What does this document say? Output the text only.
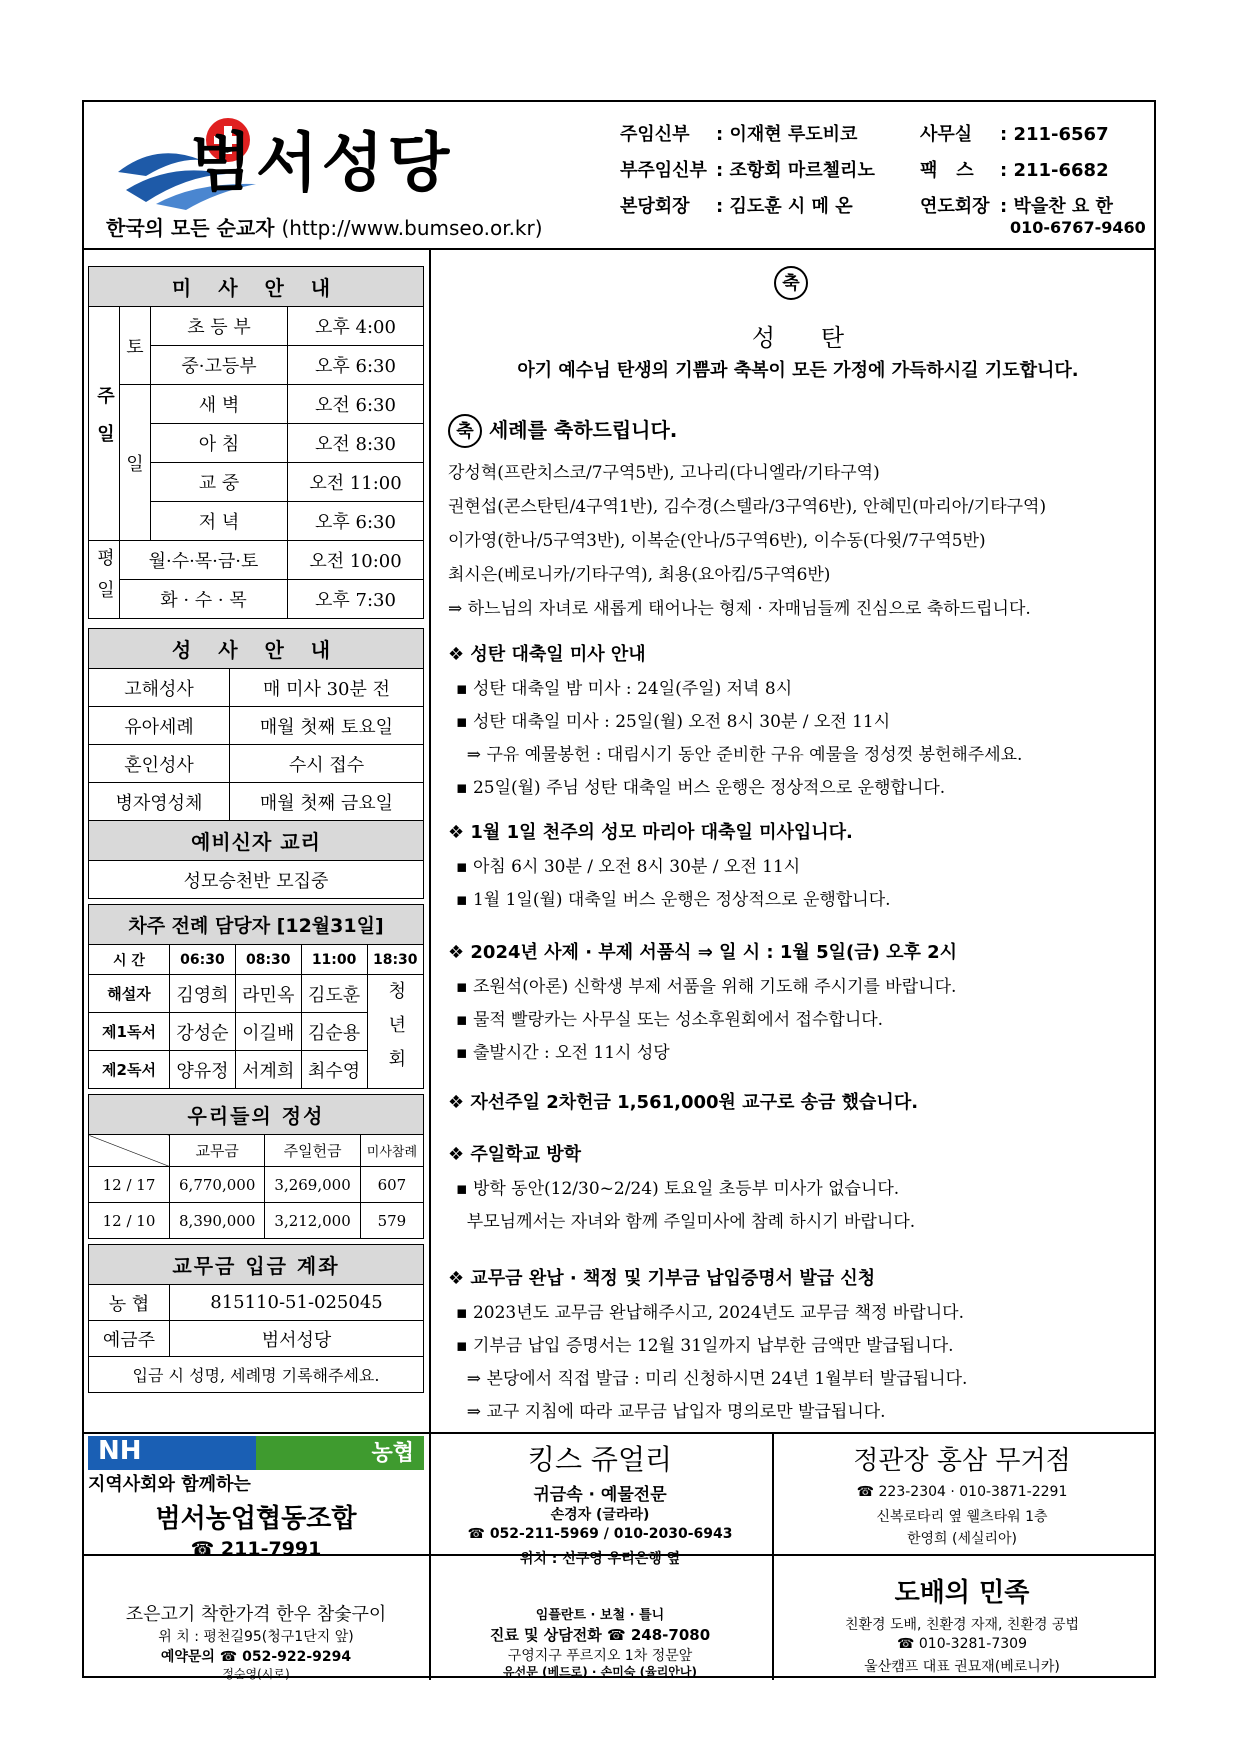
범서성당
한국의 모든 순교자 (http://www.bumseo.or.kr)
주임신부 : 이재현 루도비코
부주임신부 : 조항회 마르첼리노
본당회장 : 김도훈 시 메 온
사무실 : 211-6567
팩   스 : 211-6682
연도회장 : 박을찬 요 한
010-6767-9460
미 사 안 내			

주일	토	초 등 부	오후 4:00
		중·고등부	오후 6:30
	일	새 벽	오전 6:30
		아 침	오전 8:30
		교 중	오전 11:00
		저 녁	오후 6:30

평일	월·수·목·금·토		오전 10:00
	화 · 수 · 목		오후 7:30
성 사 안 내	
고해성사	매 미사 30분 전
유아세례	매월 첫째 토요일
혼인성사	수시 접수
병자영성체	매월 첫째 금요일
예비신자 교리	
성모승천반 모집중	
차주 전례 담당자 [12월31일]				
시 간	06:30	08:30	11:00	18:30
해설자	김영희	라민옥	김도훈	청년회

제1독서	강성순	이길배	김순용	
제2독서	양유정	서계희	최수영	
우리들의 정성			
	교무금	주일헌금	미사참례
12 / 17	6,770,000	3,269,000	607
12 / 10	8,390,000	3,212,000	579
교무금 입금 계좌	
농 협	815110-51-025045
예금주	범서성당
입금 시 성명, 세례명 기록해주세요.	
축
성      탄
아기 예수님 탄생의 기쁨과 축복이 모든 가정에 가득하시길 기도합니다.
축 세례를 축하드립니다.
강성혁(프란치스코/7구역5반), 고나리(다니엘라/기타구역)
권현섭(콘스탄틴/4구역1반), 김수경(스텔라/3구역6반), 안혜민(마리아/기타구역)
이가영(한나/5구역3반), 이복순(안나/5구역6반), 이수동(다윗/7구역5반)
최시은(베로니카/기타구역), 최용(요아킴/5구역6반)
⇒ 하느님의 자녀로 새롭게 태어나는 형제 · 자매님들께 진심으로 축하드립니다.
❖ 성탄 대축일 미사 안내
▪ 성탄 대축일 밤 미사 : 24일(주일) 저녁 8시
▪ 성탄 대축일 미사 : 25일(월) 오전 8시 30분 / 오전 11시
⇒ 구유 예물봉헌 : 대림시기 동안 준비한 구유 예물을 정성껏 봉헌해주세요.
▪ 25일(월) 주님 성탄 대축일 버스 운행은 정상적으로 운행합니다.
❖ 1월 1일 천주의 성모 마리아 대축일 미사입니다.
▪ 아침 6시 30분 / 오전 8시 30분 / 오전 11시
▪ 1월 1일(월) 대축일 버스 운행은 정상적으로 운행합니다.
❖ 2024년 사제 · 부제 서품식 ⇒ 일 시 : 1월 5일(금) 오후 2시
▪ 조원석(아론) 신학생 부제 서품을 위해 기도해 주시기를 바랍니다.
▪ 물적 빨랑카는 사무실 또는 성소후원회에서 접수합니다.
▪ 출발시간 : 오전 11시 성당
❖ 자선주일 2차헌금 1,561,000원 교구로 송금 했습니다.
❖ 주일학교 방학
▪ 방학 동안(12/30~2/24) 토요일 초등부 미사가 없습니다.
부모님께서는 자녀와 함께 주일미사에 참례 하시기 바랍니다.
❖ 교무금 완납 · 책정 및 기부금 납입증명서 발급 신청
▪ 2023년도 교무금 완납해주시고, 2024년도 교무금 책정 바랍니다.
▪ 기부금 납입 증명서는 12월 31일까지 납부한 금액만 발급됩니다.
⇒ 본당에서 직접 발급 : 미리 신청하시면 24년 1월부터 발급됩니다.
⇒ 교구 지침에 따라 교무금 납입자 명의로만 발급됩니다.
NH	농협
지역사회와 함께하는
범서농업협동조합
☎ 211-7991
킹스 쥬얼리
귀금속 · 예물전문
손경자 (글라라)
☎ 052-211-5969 / 010-2030-6943
위치 : 신구영 우리은행 옆
정관장 홍삼 무거점
☎ 223-2304 · 010-3871-2291
신복로타리 옆 웰츠타워 1층
한영희 (세실리아)
조은고기 착한가격 한우 참숯구이
위 치 : 평천길95(청구1단지 앞)
예약문의 ☎ 052-922-9294
정순영(시로)
임플란트 · 보철 · 틀니
진료 및 상담전화 ☎ 248-7080
구영지구 푸르지오 1차 정문앞
유선문 (베드로) · 손미숙 (율리안나)
도배의 민족
친환경 도배, 친환경 자재, 친환경 공법
☎ 010-3281-7309
울산캠프 대표 권묘재(베로니카)
